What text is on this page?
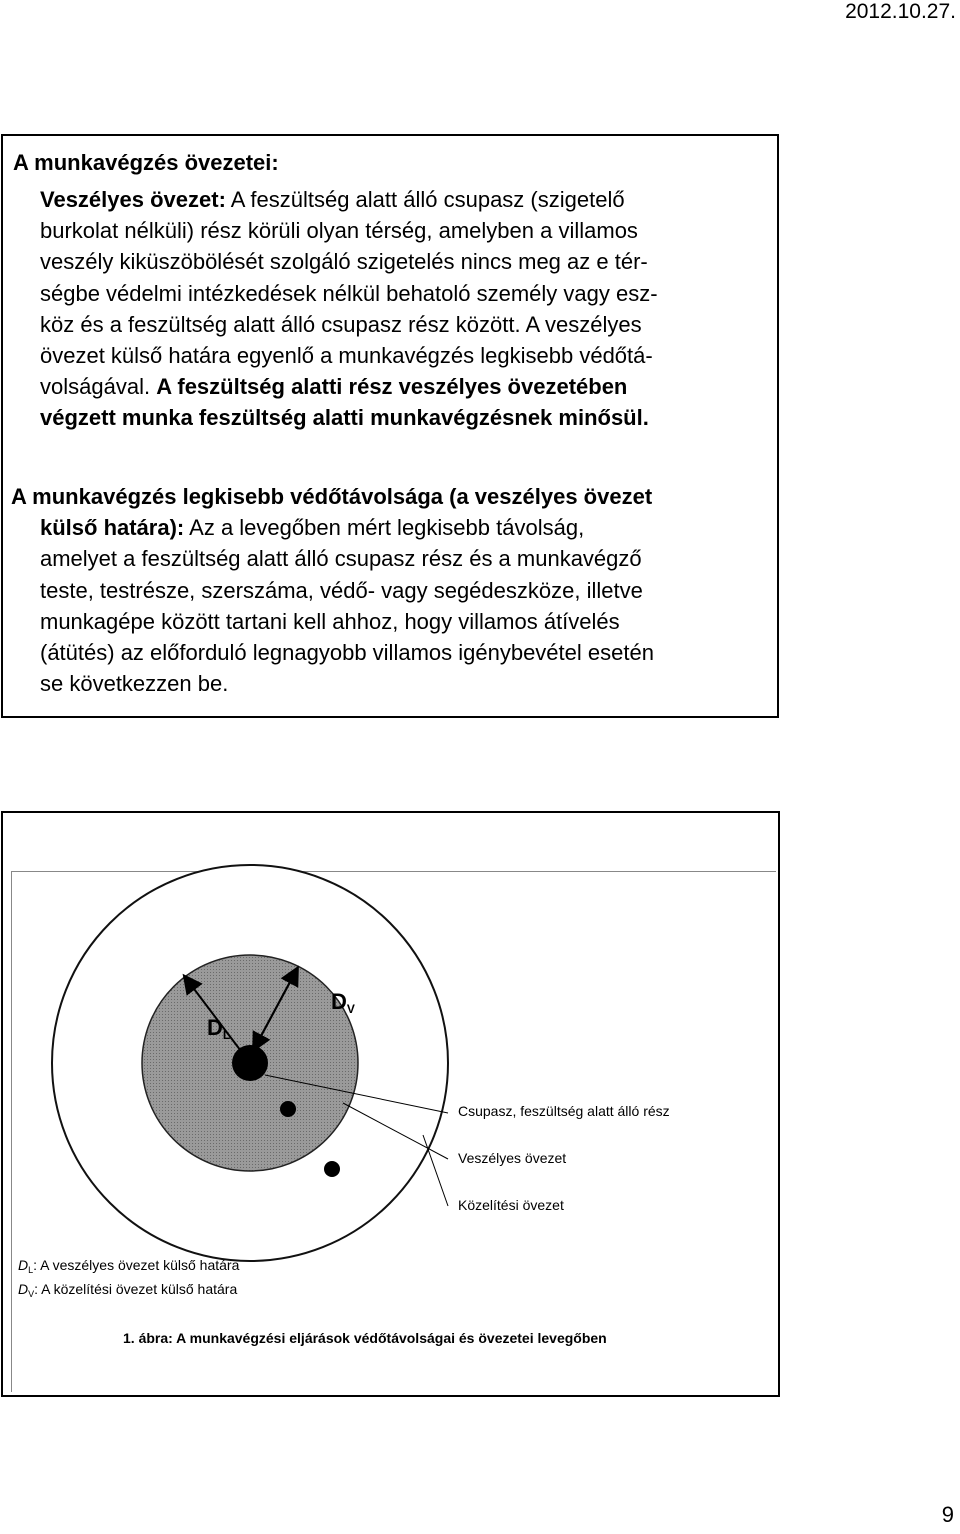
2012.10.27.
A munkavégzés övezetei:
Veszélyes övezet: A feszültség alatt álló csupasz (szigetelő
burkolat nélküli) rész körüli olyan térség, amelyben a villamos
veszély kiküszöbölését szolgáló szigetelés nincs meg az e tér-
ségbe védelmi intézkedések nélkül behatoló személy vagy esz-
köz és a feszültség alatt álló csupasz rész között. A veszélyes
övezet külső határa egyenlő a munkavégzés legkisebb védőtá-
volságával. A feszültség alatti rész veszélyes övezetében
végzett munka feszültség alatti munkavégzésnek minősül.
A munkavégzés legkisebb védőtávolsága (a veszélyes övezet
külső határa): Az a levegőben mért legkisebb távolság,
amelyet a feszültség alatt álló csupasz rész és a munkavégző
teste, testrésze, szerszáma, védő- vagy segédeszköze, illetve
munkagépe között tartani kell ahhoz, hogy villamos átívelés
(átütés) az előforduló legnagyobb villamos igénybevétel esetén
se következzen be.
DL
DV
Csupasz, feszültség alatt álló rész
Veszélyes övezet
Közelítési övezet
$D_L$: A veszélyes övezet külső határa
$D_V$: A közelítési övezet külső határa
1. ábra: A munkavégzési eljárások védőtávolságai és övezetei levegőben
9
